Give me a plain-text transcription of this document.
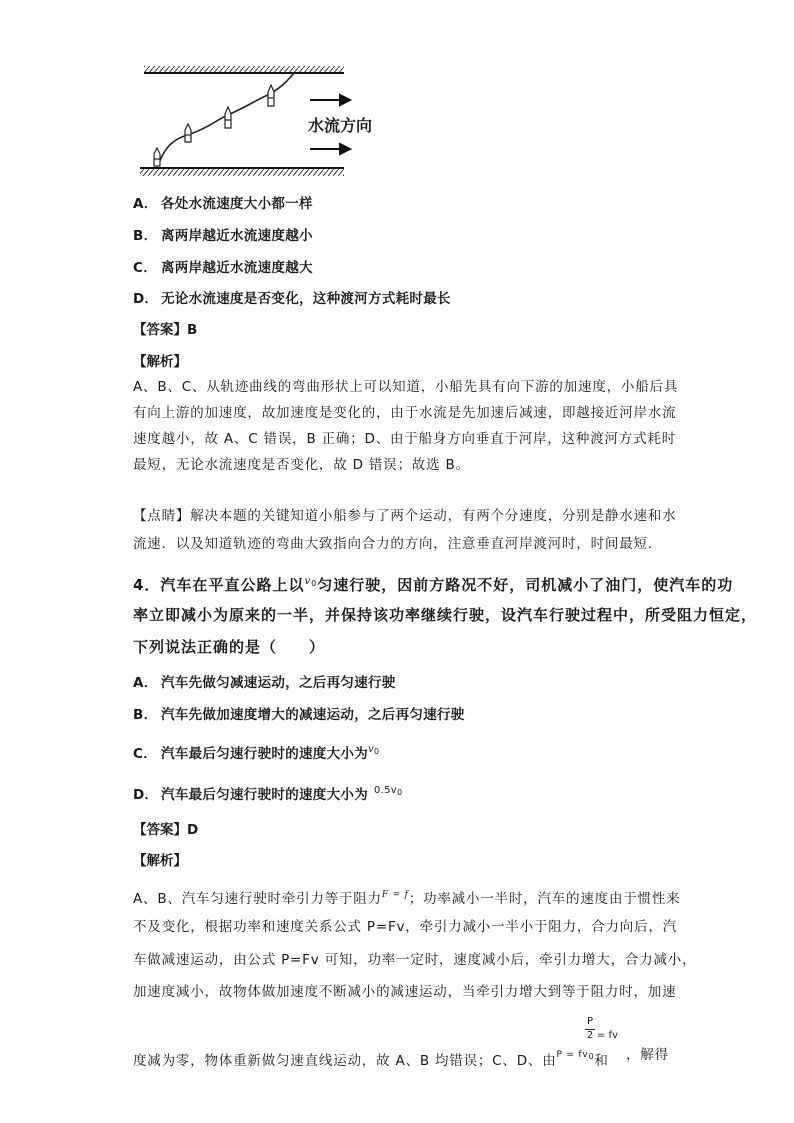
水流方向
A． 各处水流速度大小都一样
B． 离两岸越近水流速度越小
C． 离两岸越近水流速度越大
D． 无论水流速度是否变化，这种渡河方式耗时最长
【答案】B
【解析】
A、B、C、从轨迹曲线的弯曲形状上可以知道，小船先具有向下游的加速度，小船后具
有向上游的加速度，故加速度是变化的，由于水流是先加速后减速，即越接近河岸水流
速度越小，故 A、C 错误，B 正确；D、由于船身方向垂直于河岸，这种渡河方式耗时
最短，无论水流速度是否变化，故 D 错误；故选 B。
【点睛】解决本题的关键知道小船参与了两个运动，有两个分速度，分别是静水速和水
流速．以及知道轨迹的弯曲大致指向合力的方向，注意垂直河岸渡河时，时间最短．
4．汽车在平直公路上以$^{v0}$匀速行驶，因前方路况不好，司机减小了油门，使汽车的功
率立即减小为原来的一半，并保持该功率继续行驶，设汽车行驶过程中，所受阻力恒定，
下列说法正确的是（　　）
A． 汽车先做匀减速运动，之后再匀速行驶
B． 汽车先做加速度增大的减速运动，之后再匀速行驶
C． 汽车最后匀速行驶时的速度大小为$^{v0}$
D． 汽车最后匀速行驶时的速度大小为 $^{0.5v0}$
【答案】D
【解析】
A、B、汽车匀速行驶时牵引力等于阻力$^{F = f}$；功率减小一半时，汽车的速度由于惯性来
不及变化，根据功率和速度关系公式 P=Fv，牵引力减小一半小于阻力，合力向后，汽
车做减速运动，由公式 P=Fv 可知，功率一定时，速度减小后，牵引力增大，合力减小，
加速度减小，故物体做加速度不断减小的减速运动，当牵引力增大到等于阻力时，加速
度减为零，物体重新做匀速直线运动，故 A、B 均错误；C、D、由$^{P = fv0}$和
P
2 = fv
，解得
